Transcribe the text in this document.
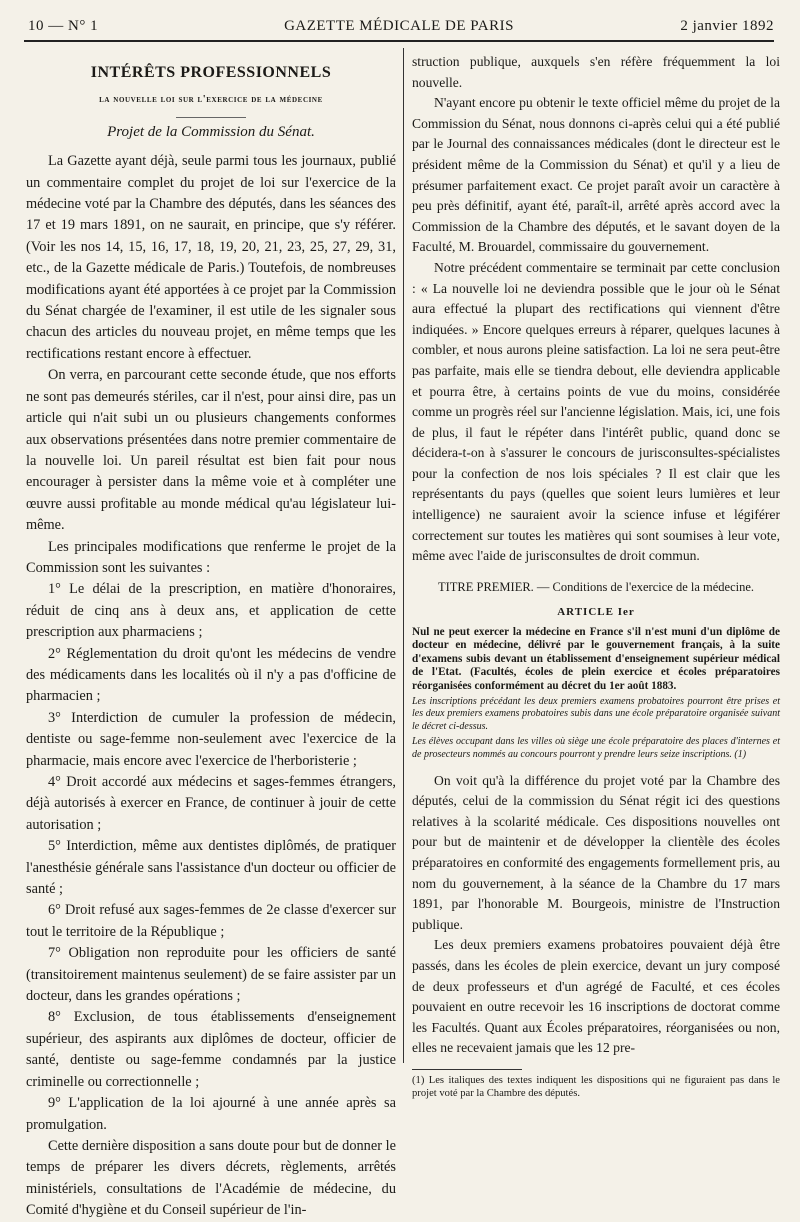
10 — N° 1	GAZETTE MÉDICALE DE PARIS	2 janvier 1892
INTÉRÊTS PROFESSIONNELS

la nouvelle loi sur l'exercice de la médecine

Projet de la Commission du Sénat.

La Gazette ayant déjà, seule parmi tous les journaux, publié un commentaire complet du projet de loi sur l'exercice de la médecine voté par la Chambre des députés, dans les séances des 17 et 19 mars 1891, on ne saurait, en principe, que s'y référer. (Voir les nos 14, 15, 16, 17, 18, 19, 20, 21, 23, 25, 27, 29, 31, etc., de la Gazette médicale de Paris.) Toutefois, de nombreuses modifications ayant été apportées à ce projet par la Commission du Sénat chargée de l'examiner, il est utile de les signaler sous chacun des articles du nouveau projet, en même temps que les rectifications restant encore à effectuer.

On verra, en parcourant cette seconde étude, que nos efforts ne sont pas demeurés stériles, car il n'est, pour ainsi dire, pas un article qui n'ait subi un ou plusieurs changements conformes aux observations présentées dans notre premier commentaire de la nouvelle loi. Un pareil résultat est bien fait pour nous encourager à persister dans la même voie et à compléter une œuvre aussi profitable au monde médical qu'au législateur lui-même.

Les principales modifications que renferme le projet de la Commission sont les suivantes :

1° Le délai de la prescription, en matière d'honoraires, réduit de cinq ans à deux ans, et application de cette prescription aux pharmaciens ;

2° Réglementation du droit qu'ont les médecins de vendre des médicaments dans les localités où il n'y a pas d'officine de pharmacien ;

3° Interdiction de cumuler la profession de médecin, dentiste ou sage-femme non-seulement avec l'exercice de la pharmacie, mais encore avec l'exercice de l'herboristerie ;

4° Droit accordé aux médecins et sages-femmes étrangers, déjà autorisés à exercer en France, de continuer à jouir de cette autorisation ;

5° Interdiction, même aux dentistes diplômés, de pratiquer l'anesthésie générale sans l'assistance d'un docteur ou officier de santé ;

6° Droit refusé aux sages-femmes de 2e classe d'exercer sur tout le territoire de la République ;

7° Obligation non reproduite pour les officiers de santé (transitoirement maintenus seulement) de se faire assister par un docteur, dans les grandes opérations ;

8° Exclusion, de tous établissements d'enseignement supérieur, des aspirants aux diplômes de docteur, officier de santé, dentiste ou sage-femme condamnés par la justice criminelle ou correctionnelle ;

9° L'application de la loi ajourné à une année après sa promulgation.

Cette dernière disposition a sans doute pour but de donner le temps de préparer les divers décrets, règlements, arrêtés ministériels, consultations de l'Académie de médecine, du Comité d'hygiène et du Conseil supérieur de l'in-

struction publique, auxquels s'en réfère fréquemment la loi nouvelle.

N'ayant encore pu obtenir le texte officiel même du projet de la Commission du Sénat, nous donnons ci-après celui qui a été publié par le Journal des connaissances médicales (dont le directeur est le président même de la Commission du Sénat) et qu'il y a lieu de présumer parfaitement exact. Ce projet paraît avoir un caractère à peu près définitif, ayant été, paraît-il, arrêté après accord avec la Commission de la Chambre des députés, et le savant doyen de la Faculté, M. Brouardel, commissaire du gouvernement.

Notre précédent commentaire se terminait par cette conclusion : « La nouvelle loi ne deviendra possible que le jour où le Sénat aura effectué la plupart des rectifications qui viennent d'être indiquées. » Encore quelques erreurs à réparer, quelques lacunes à combler, et nous aurons pleine satisfaction. La loi ne sera peut-être pas parfaite, mais elle se tiendra debout, elle deviendra applicable et pourra être, à certains points de vue du moins, considérée comme un progrès réel sur l'ancienne législation. Mais, ici, une fois de plus, il faut le répéter dans l'intérêt public, quand donc se décidera-t-on à s'assurer le concours de jurisconsultes-spécialistes pour la confection de nos lois spéciales ? Il est clair que les représentants du pays (quelles que soient leurs lumières et leur intelligence) ne sauraient avoir la science infuse et légiférer correctement sur toutes les matières qui sont soumises à leur vote, même avec l'aide de jurisconsultes de droit commun.

TITRE PREMIER. — Conditions de l'exercice de la médecine.

ARTICLE Ier

Nul ne peut exercer la médecine en France s'il n'est muni d'un diplôme de docteur en médecine, délivré par le gouvernement français, à la suite d'examens subis devant un établissement d'enseignement supérieur médical de l'Etat. (Facultés, écoles de plein exercice et écoles préparatoires réorganisées conformément au décret du 1er août 1883.

Les inscriptions précédant les deux premiers examens probatoires pourront être prises et les deux premiers examens probatoires subis dans une école préparatoire organisée suivant le décret ci-dessus.

Les élèves occupant dans les villes où siège une école préparatoire des places d'internes et de prosecteurs nommés au concours pourront y prendre leurs seize inscriptions. (1)

On voit qu'à la différence du projet voté par la Chambre des députés, celui de la commission du Sénat régit ici des questions relatives à la scolarité médicale. Ces dispositions nouvelles ont pour but de maintenir et de développer la clientèle des écoles préparatoires en conformité des engagements formellement pris, au nom du gouvernement, à la séance de la Chambre du 17 mars 1891, par l'honorable M. Bourgeois, ministre de l'Instruction publique.

Les deux premiers examens probatoires pouvaient déjà être passés, dans les écoles de plein exercice, devant un jury composé de deux professeurs et d'un agrégé de Faculté, et ces écoles pouvaient en outre recevoir les 16 inscriptions de doctorat comme les Facultés. Quant aux Écoles préparatoires, réorganisées ou non, elles ne recevaient jamais que les 12 pre-

(1) Les italiques des textes indiquent les dispositions qui ne figuraient pas dans le projet voté par la Chambre des députés.
